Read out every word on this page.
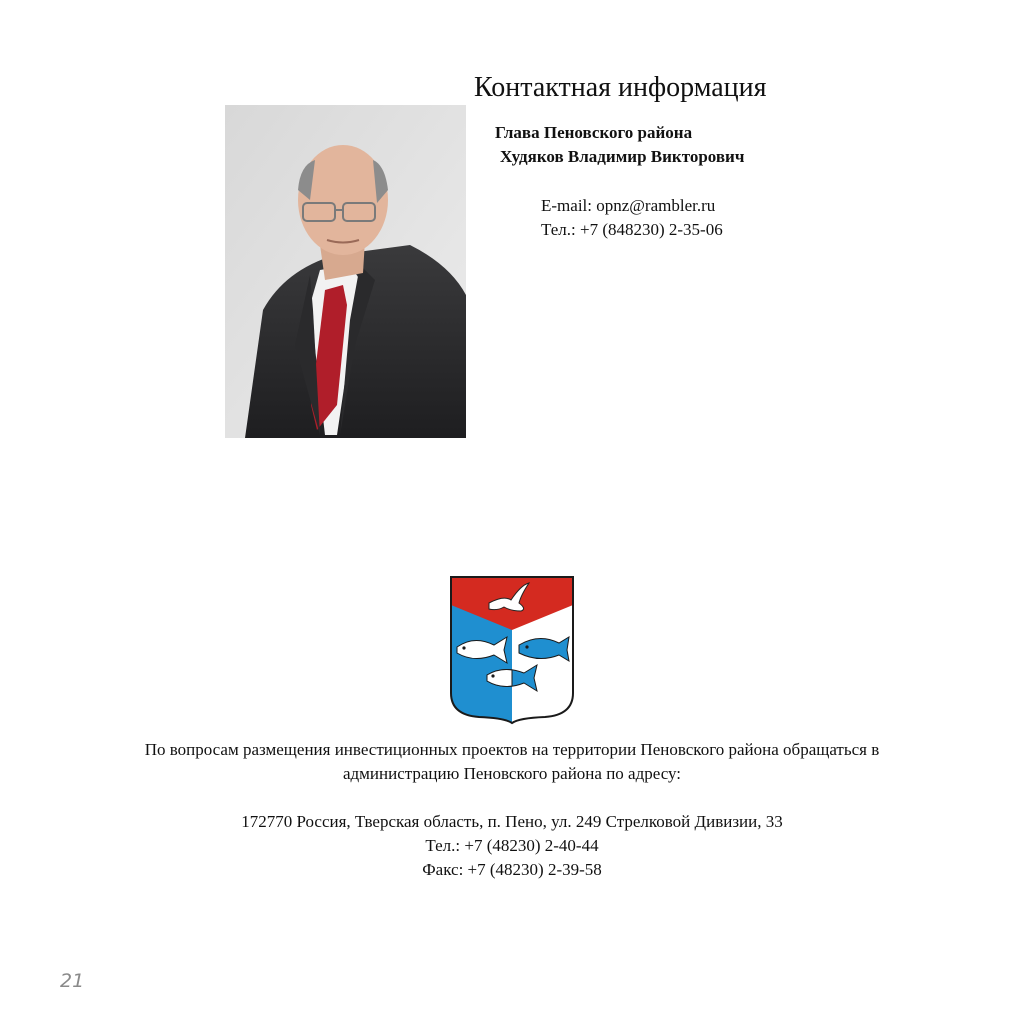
Контактная информация
Глава Пеновского района
Худяков Владимир Викторович
E-mail: opnz@rambler.ru
Тел.: +7 (848230) 2-35-06
По вопросам размещения инвестиционных проектов на территории Пеновского района обращаться в
администрацию Пеновского района по адресу:
172770 Россия, Тверская область, п. Пено, ул. 249 Стрелковой Дивизии, 33
Тел.: +7 (48230) 2-40-44
Факс: +7 (48230) 2-39-58
21
